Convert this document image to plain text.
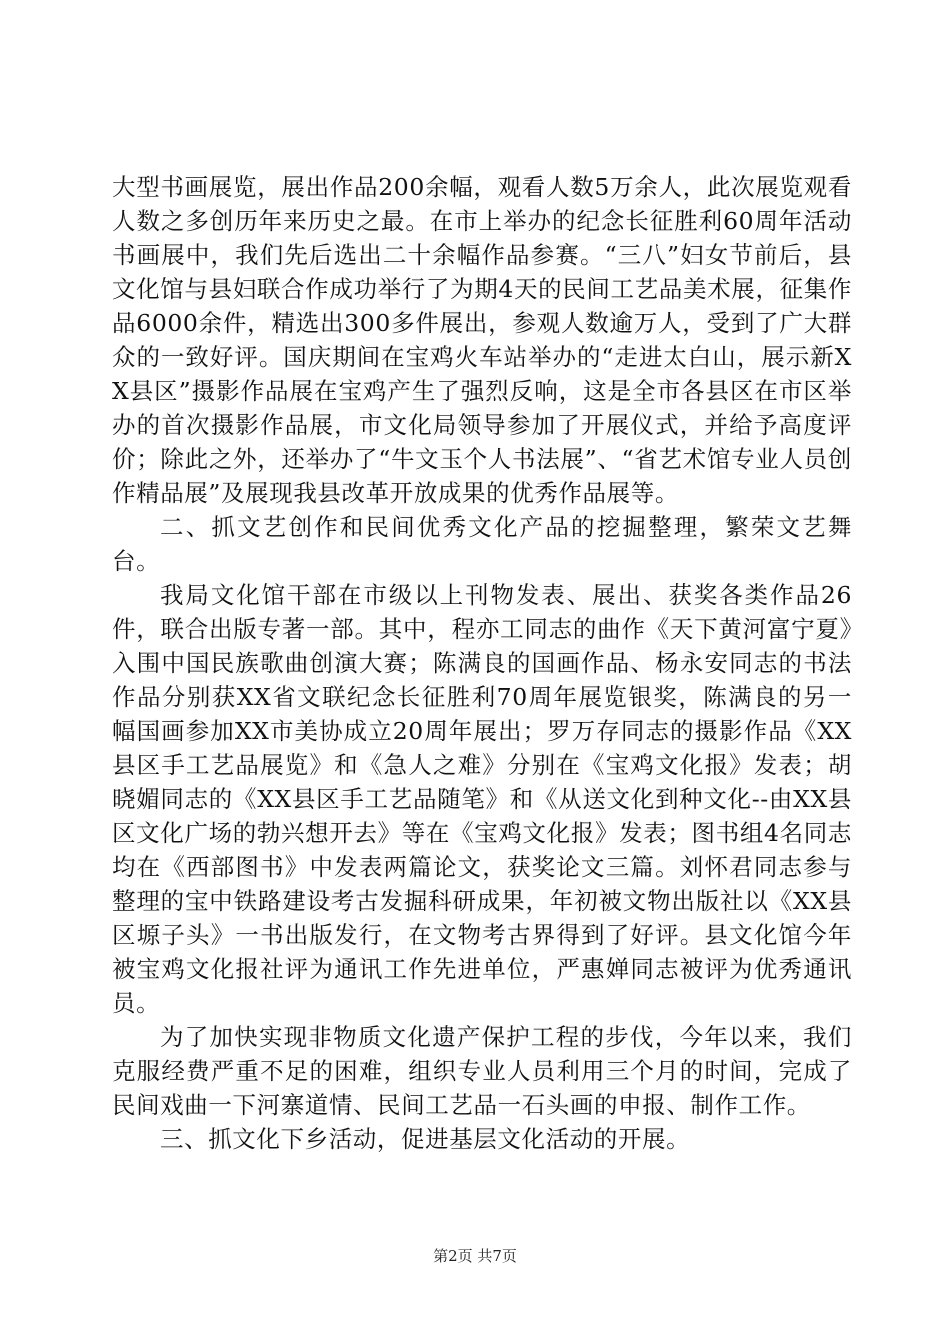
大型书画展览，展出作品200余幅，观看人数5万余人，此次展览观看人数之多创历年来历史之最。在市上举办的纪念长征胜利60周年活动书画展中，我们先后选出二十余幅作品参赛。“三八”妇女节前后，县文化馆与县妇联合作成功举行了为期4天的民间工艺品美术展，征集作品6000余件，精选出300多件展出，参观人数逾万人，受到了广大群众的一致好评。国庆期间在宝鸡火车站举办的“走进太白山，展示新XX县区”摄影作品展在宝鸡产生了强烈反响，这是全市各县区在市区举办的首次摄影作品展，市文化局领导参加了开展仪式，并给予高度评价；除此之外，还举办了“牛文玉个人书法展”、“省艺术馆专业人员创作精品展”及展现我县改革开放成果的优秀作品展等。

二、抓文艺创作和民间优秀文化产品的挖掘整理，繁荣文艺舞台。

我局文化馆干部在市级以上刊物发表、展出、获奖各类作品26件，联合出版专著一部。其中，程亦工同志的曲作《天下黄河富宁夏》入围中国民族歌曲创演大赛；陈满良的国画作品、杨永安同志的书法作品分别获XX省文联纪念长征胜利70周年展览银奖，陈满良的另一幅国画参加XX市美协成立20周年展出；罗万存同志的摄影作品《XX县区手工艺品展览》和《急人之难》分别在《宝鸡文化报》发表；胡晓媚同志的《XX县区手工艺品随笔》和《从送文化到种文化--由XX县区文化广场的勃兴想开去》等在《宝鸡文化报》发表；图书组4名同志均在《西部图书》中发表两篇论文，获奖论文三篇。刘怀君同志参与整理的宝中铁路建设考古发掘科研成果，年初被文物出版社以《XX县区塬子头》一书出版发行，在文物考古界得到了好评。县文化馆今年被宝鸡文化报社评为通讯工作先进单位，严惠婵同志被评为优秀通讯员。

为了加快实现非物质文化遗产保护工程的步伐，今年以来，我们克服经费严重不足的困难，组织专业人员利用三个月的时间，完成了民间戏曲一下河寨道情、民间工艺品一石头画的申报、制作工作。

三、抓文化下乡活动，促进基层文化活动的开展。

第2页 共7页
